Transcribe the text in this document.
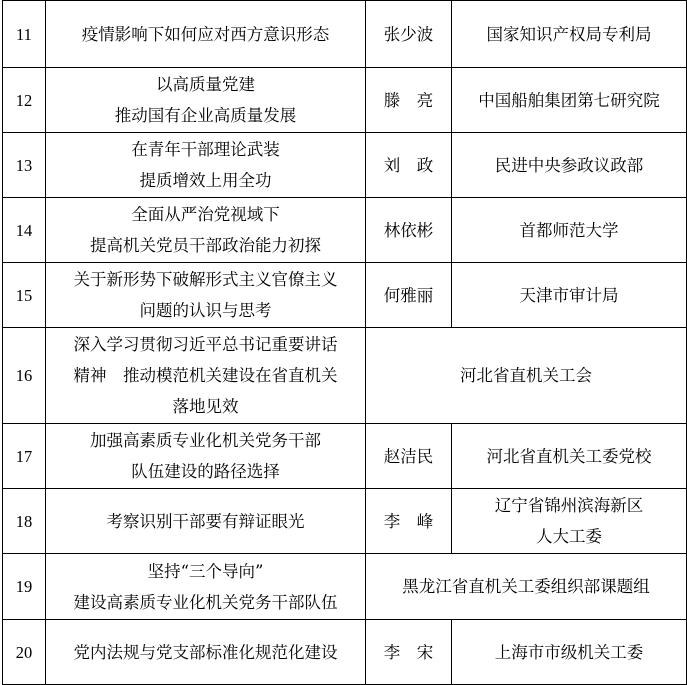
11	疫情影响下如何应对西方意识形态	张少波	国家知识产权局专利局

12	以高质量党建
推动国有企业高质量发展	滕　亮	中国船舶集团第七研究院

13	在青年干部理论武装
提质增效上用全功	刘　政	民进中央参政议政部

14	全面从严治党视域下
提高机关党员干部政治能力初探	林依彬	首都师范大学

15	关于新形势下破解形式主义官僚主义
问题的认识与思考	何雅丽	天津市审计局

16	深入学习贯彻习近平总书记重要讲话
精神　推动模范机关建设在省直机关
落地见效	河北省直机关工会	

17	加强高素质专业化机关党务干部
队伍建设的路径选择	赵洁民	河北省直机关工委党校

18	考察识别干部要有辩证眼光	李　峰	辽宁省锦州滨海新区
人大工委

19	坚持“三个导向”
建设高素质专业化机关党务干部队伍	黑龙江省直机关工委组织部课题组	

20	党内法规与党支部标准化规范化建设	李　宋	上海市市级机关工委
